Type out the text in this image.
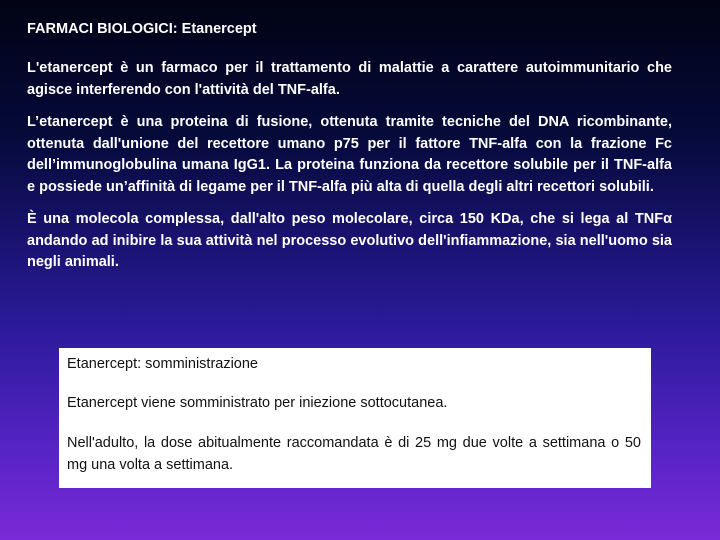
FARMACI BIOLOGICI: Etanercept

L'etanercept è un farmaco per il trattamento di malattie a carattere autoimmunitario che agisce interferendo con l'attività del TNF-alfa.

L’etanercept è una proteina di fusione, ottenuta tramite tecniche del DNA ricombinante, ottenuta dall'unione del recettore umano p75 per il fattore TNF-alfa con la frazione Fc dell’immunoglobulina umana IgG1. La proteina funziona da recettore solubile per il TNF-alfa e possiede un’affinità di legame per il TNF-alfa più alta di quella degli altri recettori solubili.

È una molecola complessa, dall'alto peso molecolare, circa 150 KDa, che si lega al TNFα andando ad inibire la sua attività nel processo evolutivo dell'infiammazione, sia nell'uomo sia negli animali.

Etanercept: somministrazione
Etanercept viene somministrato per iniezione sottocutanea.

Nell'adulto, la dose abitualmente raccomandata è di 25 mg due volte a settimana o 50 mg una volta a settimana.
